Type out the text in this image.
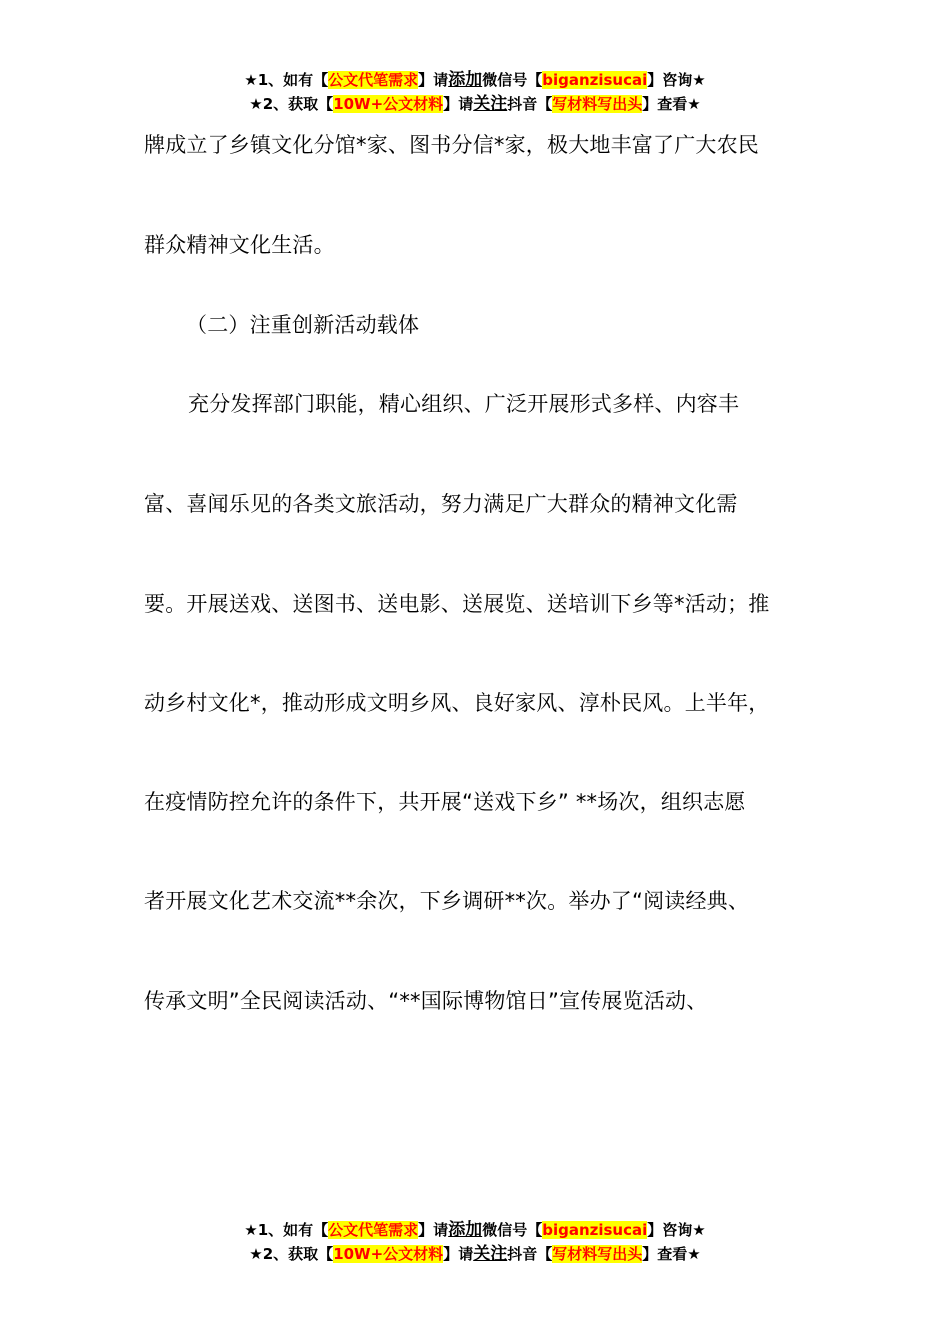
★1、如有【公文代笔需求】请添加微信号【biganzisucai】咨询★
★2、获取【10W+公文材料】请关注抖音【写材料写出头】查看★
牌成立了乡镇文化分馆*家、图书分信*家，极大地丰富了广大农民
群众精神文化生活。
（二）注重创新活动载体
充分发挥部门职能，精心组织、广泛开展形式多样、内容丰
富、喜闻乐见的各类文旅活动，努力满足广大群众的精神文化需
要。开展送戏、送图书、送电影、送展览、送培训下乡等*活动；推
动乡村文化*，推动形成文明乡风、良好家风、淳朴民风。上半年，
在疫情防控允许的条件下，共开展“送戏下乡” **场次，组织志愿
者开展文化艺术交流**余次，下乡调研**次。举办了“阅读经典、
传承文明”全民阅读活动、“**国际博物馆日”宣传展览活动、
★1、如有【公文代笔需求】请添加微信号【biganzisucai】咨询★
★2、获取【10W+公文材料】请关注抖音【写材料写出头】查看★
